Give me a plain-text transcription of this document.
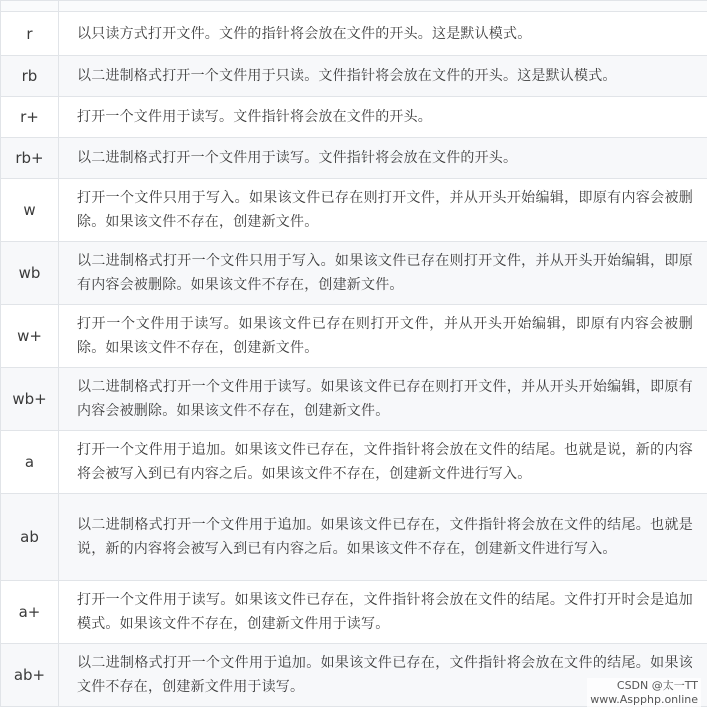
r	以只读方式打开文件。文件的指针将会放在文件的开头。这是默认模式。
rb	以二进制格式打开一个文件用于只读。文件指针将会放在文件的开头。这是默认模式。
r+	打开一个文件用于读写。文件指针将会放在文件的开头。
rb+	以二进制格式打开一个文件用于读写。文件指针将会放在文件的开头。
w	打开一个文件只用于写入。如果该文件已存在则打开文件，并从开头开始编辑，即原有内容会被删除。如果该文件不存在，创建新文件。
wb	以二进制格式打开一个文件只用于写入。如果该文件已存在则打开文件，并从开头开始编辑，即原有内容会被删除。如果该文件不存在，创建新文件。
w+	打开一个文件用于读写。如果该文件已存在则打开文件，并从开头开始编辑，即原有内容会被删除。如果该文件不存在，创建新文件。
wb+	以二进制格式打开一个文件用于读写。如果该文件已存在则打开文件，并从开头开始编辑，即原有内容会被删除。如果该文件不存在，创建新文件。
a	打开一个文件用于追加。如果该文件已存在，文件指针将会放在文件的结尾。也就是说，新的内容将会被写入到已有内容之后。如果该文件不存在，创建新文件进行写入。
ab	以二进制格式打开一个文件用于追加。如果该文件已存在，文件指针将会放在文件的结尾。也就是说，新的内容将会被写入到已有内容之后。如果该文件不存在，创建新文件进行写入。
a+	打开一个文件用于读写。如果该文件已存在，文件指针将会放在文件的结尾。文件打开时会是追加模式。如果该文件不存在，创建新文件用于读写。
ab+	以二进制格式打开一个文件用于追加。如果该文件已存在，文件指针将会放在文件的结尾。如果该文件不存在，创建新文件用于读写。	CSDN @太一TT
www.Aspphp.online
